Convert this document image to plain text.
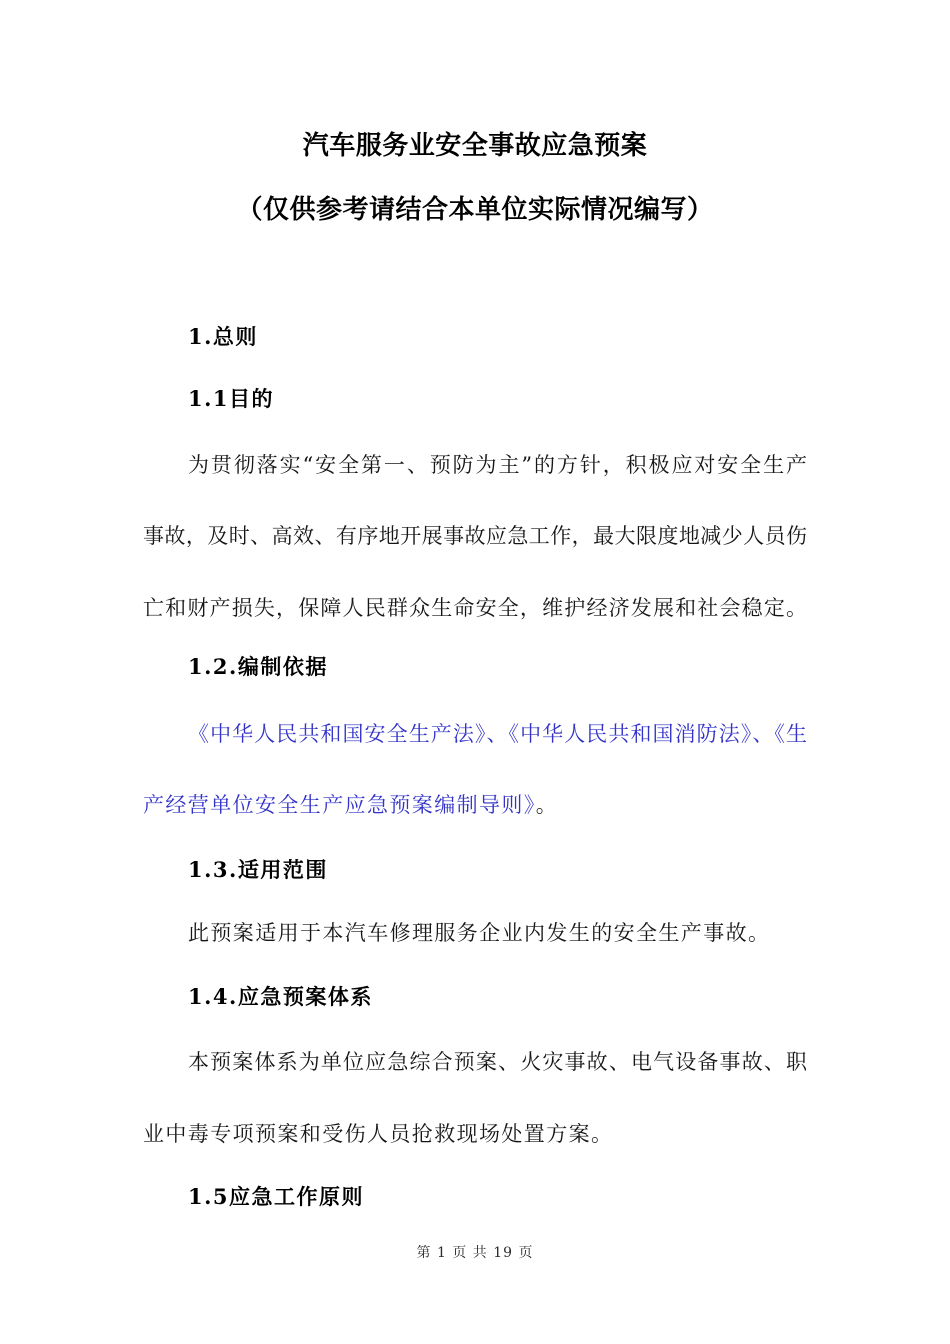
汽车服务业安全事故应急预案
（仅供参考请结合本单位实际情况编写）
1.总则
1.1目的
为贯彻落实“安全第一、预防为主”的方针，积极应对安全生产
事故，及时、高效、有序地开展事故应急工作，最大限度地减少人员伤
亡和财产损失，保障人民群众生命安全，维护经济发展和社会稳定。
1.2.编制依据
《中华人民共和国安全生产法》、《中华人民共和国消防法》、《生
产经营单位安全生产应急预案编制导则》。
1.3.适用范围
此预案适用于本汽车修理服务企业内发生的安全生产事故。
1.4.应急预案体系
本预案体系为单位应急综合预案、火灾事故、电气设备事故、职
业中毒专项预案和受伤人员抢救现场处置方案。
1.5应急工作原则
第 1 页 共 19 页
